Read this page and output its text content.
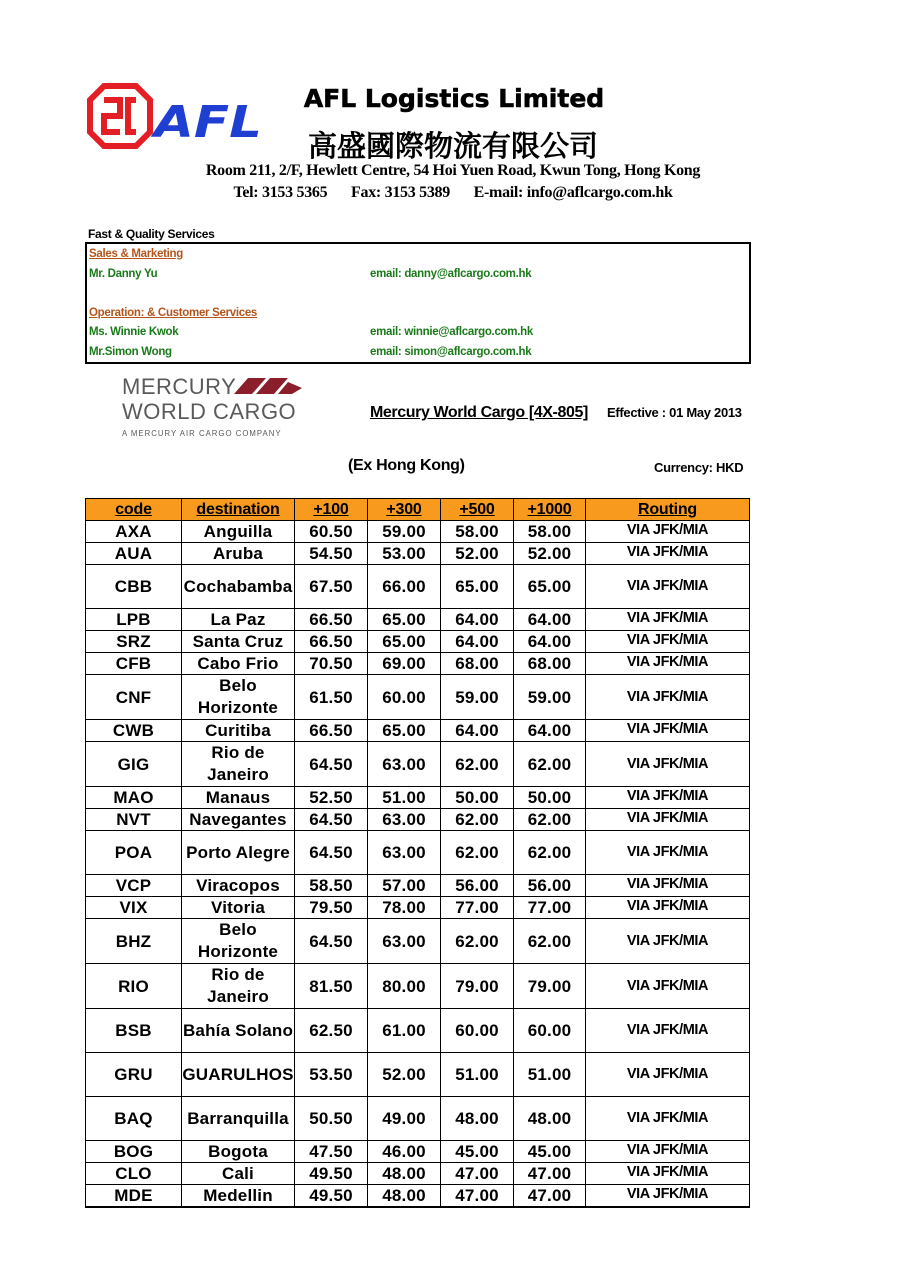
AFL	AFL Logistics Limited
高盛國際物流有限公司
Room 211, 2/F, Hewlett Centre, 54 Hoi Yuen Road, Kwun Tong, Hong Kong
Tel: 3153 5365 Fax: 3153 5389 E-mail: info@aflcargo.com.hk
Fast & Quality Services
Sales & Marketing
Mr. Danny Yu	email: danny@aflcargo.com.hk
Operation: & Customer Services
Ms. Winnie Kwok	email: winnie@aflcargo.com.hk
Mr.Simon Wong	email: simon@aflcargo.com.hk
MERCURY
WORLD CARGO
A MERCURY AIR CARGO COMPANY
Mercury World Cargo [4X-805] Effective : 01 May 2013
(Ex Hong Kong)	Currency: HKD
code	destination	+100	+300	+500	+1000	Routing
AXA	Anguilla	60.50	59.00	58.00	58.00	VIA JFK/MIA
AUA	Aruba	54.50	53.00	52.00	52.00	VIA JFK/MIA
CBB	Cochabamba	67.50	66.00	65.00	65.00	VIA JFK/MIA
LPB	La Paz	66.50	65.00	64.00	64.00	VIA JFK/MIA
SRZ	Santa Cruz	66.50	65.00	64.00	64.00	VIA JFK/MIA
CFB	Cabo Frio	70.50	69.00	68.00	68.00	VIA JFK/MIA
CNF	Belo Horizonte	61.50	60.00	59.00	59.00	VIA JFK/MIA
CWB	Curitiba	66.50	65.00	64.00	64.00	VIA JFK/MIA
GIG	Rio de Janeiro	64.50	63.00	62.00	62.00	VIA JFK/MIA
MAO	Manaus	52.50	51.00	50.00	50.00	VIA JFK/MIA
NVT	Navegantes	64.50	63.00	62.00	62.00	VIA JFK/MIA
POA	Porto Alegre	64.50	63.00	62.00	62.00	VIA JFK/MIA
VCP	Viracopos	58.50	57.00	56.00	56.00	VIA JFK/MIA
VIX	Vitoria	79.50	78.00	77.00	77.00	VIA JFK/MIA
BHZ	Belo Horizonte	64.50	63.00	62.00	62.00	VIA JFK/MIA
RIO	Rio de Janeiro	81.50	80.00	79.00	79.00	VIA JFK/MIA
BSB	Bahía Solano	62.50	61.00	60.00	60.00	VIA JFK/MIA
GRU	GUARULHOS	53.50	52.00	51.00	51.00	VIA JFK/MIA
BAQ	Barranquilla	50.50	49.00	48.00	48.00	VIA JFK/MIA
BOG	Bogota	47.50	46.00	45.00	45.00	VIA JFK/MIA
CLO	Cali	49.50	48.00	47.00	47.00	VIA JFK/MIA
MDE	Medellin	49.50	48.00	47.00	47.00	VIA JFK/MIA
